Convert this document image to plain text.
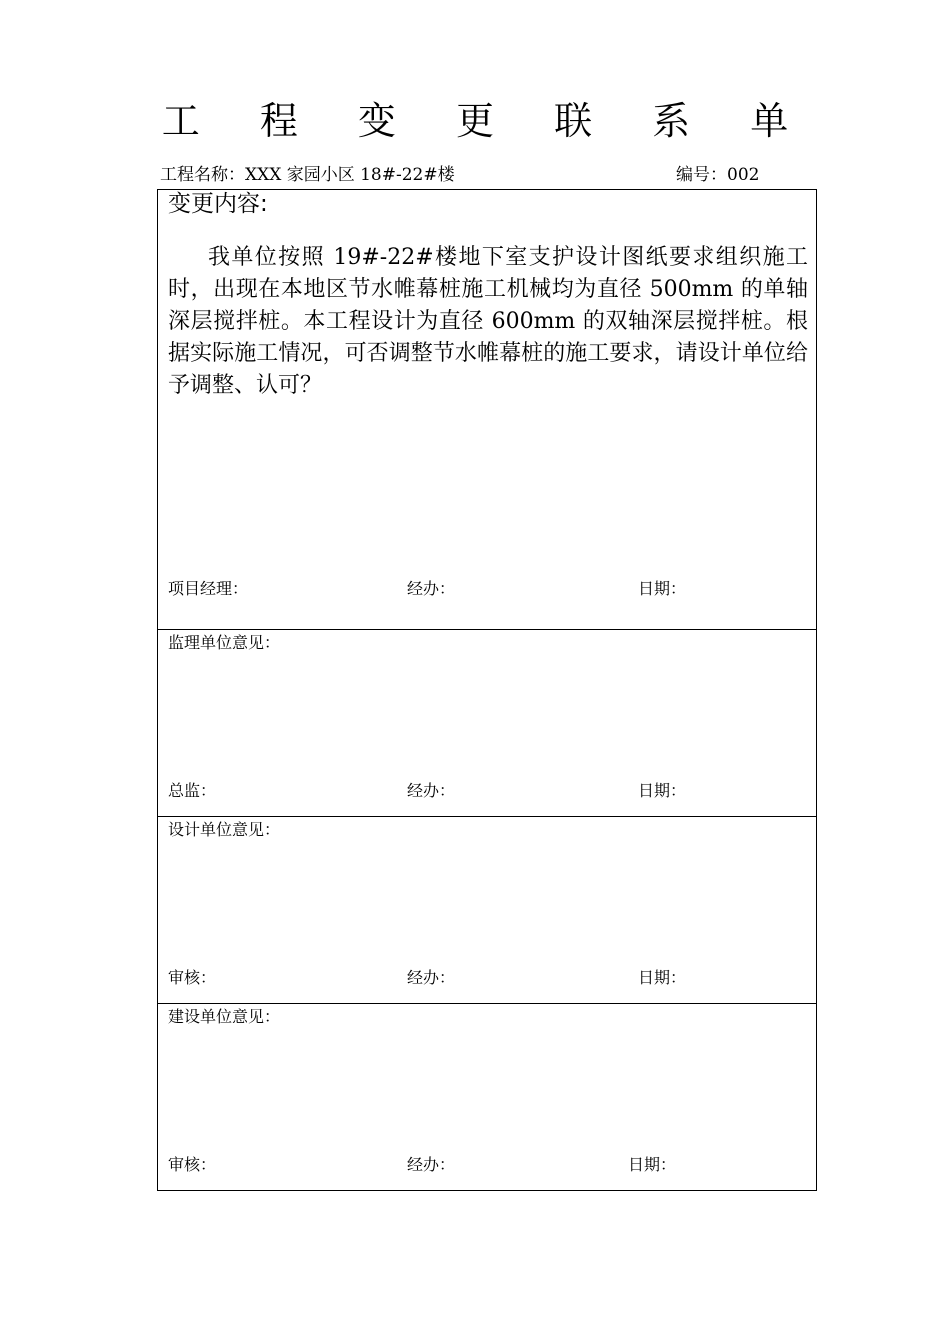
工 程 变 更 联 系 单
工程名称：XXX 家园小区 18#-22#楼	编号：002
变更内容:
我单位按照 19#-22#楼地下室支护设计图纸要求组织施工时，出现在本地区节水帷幕桩施工机械均为直径 500mm 的单轴深层搅拌桩。本工程设计为直径 600mm 的双轴深层搅拌桩。根据实际施工情况，可否调整节水帷幕桩的施工要求，请设计单位给予调整、认可？
项目经理：	经办：	日期：
监理单位意见：
总监：	经办：	日期：
设计单位意见：
审核：	经办：	日期：
建设单位意见：
审核：	经办：	日期：
